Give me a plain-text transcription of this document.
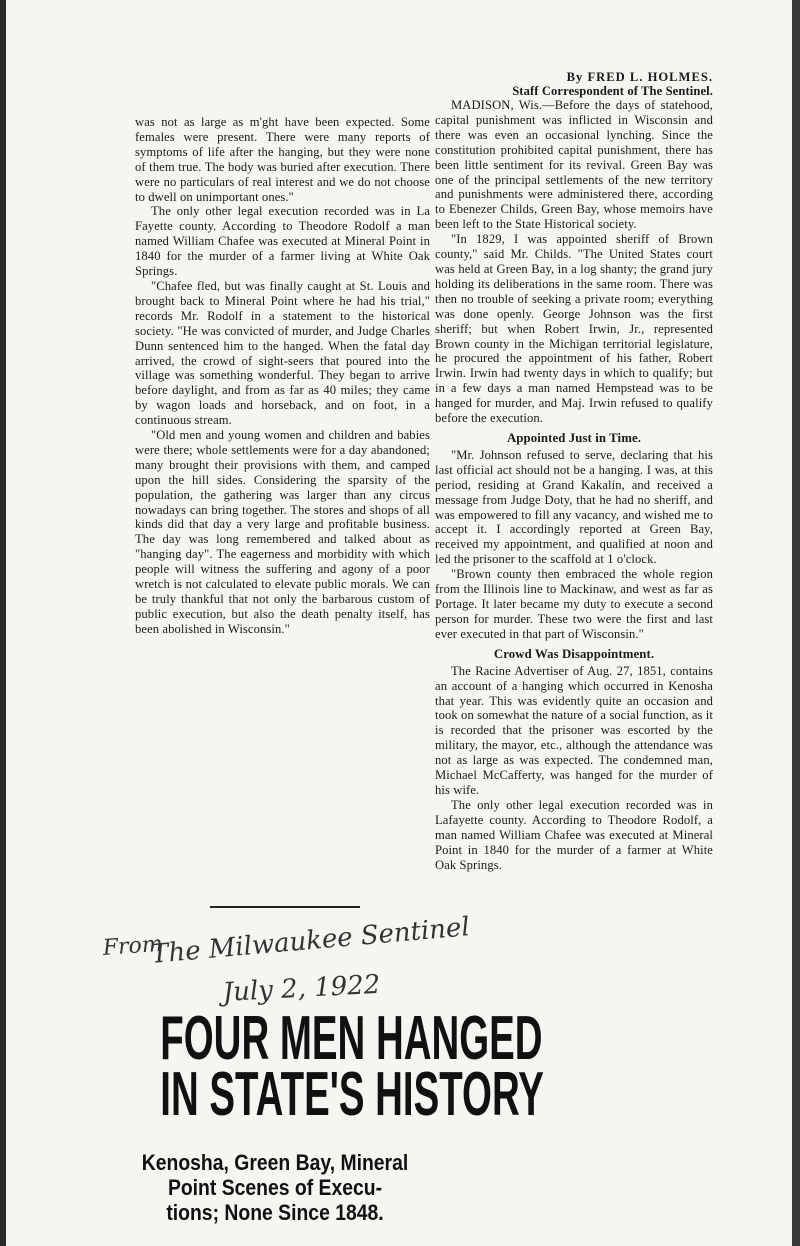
was not as large as m'ght have been expected. Some females were present. There were many reports of symptoms of life after the hanging, but they were none of them true. The body was buried after execution. There were no particulars of real interest and we do not choose to dwell on unimportant ones."

The only other legal execution recorded was in La Fayette county. According to Theodore Rodolf a man named William Chafee was executed at Mineral Point in 1840 for the murder of a farmer living at White Oak Springs.

"Chafee fled, but was finally caught at St. Louis and brought back to Mineral Point where he had his trial," records Mr. Rodolf in a statement to the historical society. "He was convicted of murder, and Judge Charles Dunn sentenced him to the hanged. When the fatal day arrived, the crowd of sight-seers that poured into the village was something wonderful. They began to arrive before daylight, and from as far as 40 miles; they came by wagon loads and horseback, and on foot, in a continuous stream.

"Old men and young women and children and babies were there; whole settlements were for a day abandoned; many brought their provisions with them, and camped upon the hill sides. Considering the sparsity of the population, the gathering was larger than any circus nowadays can bring together. The stores and shops of all kinds did that day a very large and profitable business. The day was long remembered and talked about as "hanging day". The eagerness and morbidity with which people will witness the suffering and agony of a poor wretch is not calculated to elevate public morals. We can be truly thankful that not only the barbarous custom of public execution, but also the death penalty itself, has been abolished in Wisconsin."

By FRED L. HOLMES.

Staff Correspondent of The Sentinel.

MADISON, Wis.—Before the days of statehood, capital punishment was inflicted in Wisconsin and there was even an occasional lynching. Since the constitution prohibited capital punishment, there has been little sentiment for its revival. Green Bay was one of the principal settlements of the new territory and punishments were administered there, according to Ebenezer Childs, Green Bay, whose memoirs have been left to the State Historical society.

"In 1829, I was appointed sheriff of Brown county," said Mr. Childs. "The United States court was held at Green Bay, in a log shanty; the grand jury holding its deliberations in the same room. There was then no trouble of seeking a private room; everything was done openly. George Johnson was the first sheriff; but when Robert Irwin, Jr., represented Brown county in the Michigan territorial legislature, he procured the appointment of his father, Robert Irwin. Irwin had twenty days in which to qualify; but in a few days a man named Hempstead was to be hanged for murder, and Maj. Irwin refused to qualify before the execution.

Appointed Just in Time.

"Mr. Johnson refused to serve, declaring that his last official act should not be a hanging. I was, at this period, residing at Grand Kakalin, and received a message from Judge Doty, that he had no sheriff, and was empowered to fill any vacancy, and wished me to accept it. I accordingly reported at Green Bay, received my appointment, and qualified at noon and led the prisoner to the scaffold at 1 o'clock.

"Brown county then embraced the whole region from the Illinois line to Mackinaw, and west as far as Portage. It later became my duty to execute a second person for murder. These two were the first and last ever executed in that part of Wisconsin."

Crowd Was Disappointment.

The Racine Advertiser of Aug. 27, 1851, contains an account of a hanging which occurred in Kenosha that year. This was evidently quite an occasion and took on somewhat the nature of a social function, as it is recorded that the prisoner was escorted by the military, the mayor, etc., although the attendance was not as large as was expected. The condemned man, Michael McCafferty, was hanged for the murder of his wife.

The only other legal execution recorded was in Lafayette county. According to Theodore Rodolf, a man named William Chafee was executed at Mineral Point in 1840 for the murder of a farmer at White Oak Springs.

From
The Milwaukee Sentinel
July 2, 1922
FOUR MEN HANGED
IN STATE'S HISTORY
Kenosha, Green Bay, Mineral
Point Scenes of Execu-
tions; None Since 1848.
